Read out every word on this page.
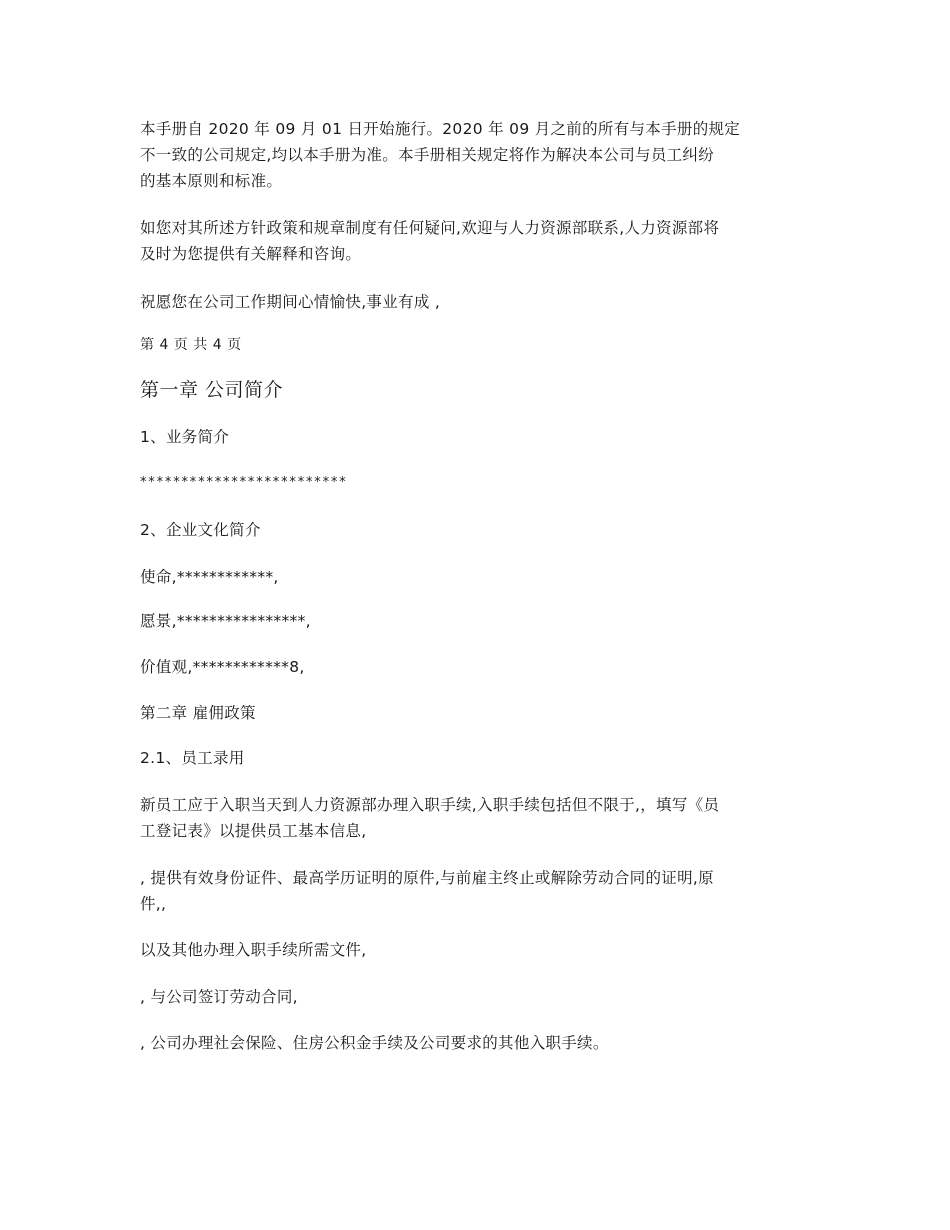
本手册自 2020 年 09 月 01 日开始施行。2020 年 09 月之前的所有与本手册的规定
不一致的公司规定,均以本手册为准。本手册相关规定将作为解决本公司与员工纠纷
的基本原则和标准。
如您对其所述方针政策和规章制度有任何疑问,欢迎与人力资源部联系,人力资源部将
及时为您提供有关解释和咨询。
祝愿您在公司工作期间心情愉快,事业有成 ,
第 4 页 共 4 页
第一章 公司简介
1、业务简介
*************************
2、企业文化简介
使命,************,
愿景,****************,
价值观,************8,
第二章 雇佣政策
2.1、员工录用
新员工应于入职当天到人力资源部办理入职手续,入职手续包括但不限于,，填写《员
工登记表》以提供员工基本信息,
, 提供有效身份证件、最高学历证明的原件,与前雇主终止或解除劳动合同的证明,原
件,,
以及其他办理入职手续所需文件,
, 与公司签订劳动合同,
, 公司办理社会保险、住房公积金手续及公司要求的其他入职手续。
